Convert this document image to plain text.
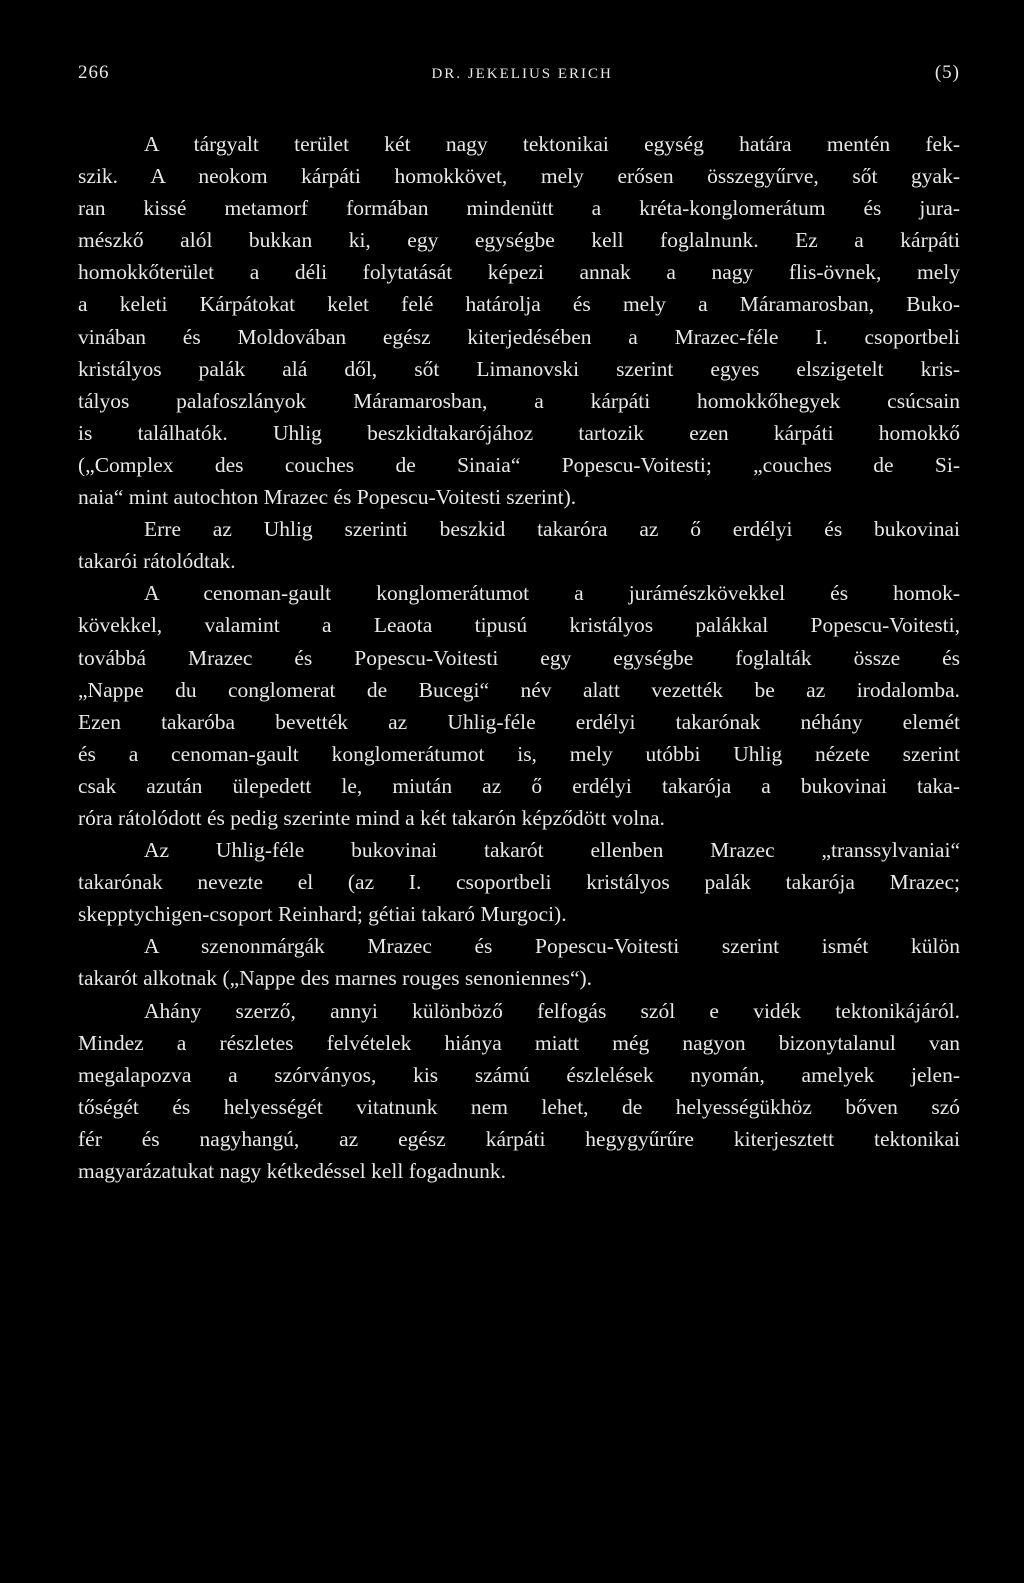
266	DR. JEKELIUS ERICH	(5)
A tárgyalt terület két nagy tektonikai egység határa mentén fek-
szik. A neokom kárpáti homokkövet, mely erősen összegyűrve, sőt gyak-
ran kissé metamorf formában mindenütt a kréta-konglomerátum és jura-
mészkő alól bukkan ki, egy egységbe kell foglalnunk. Ez a kárpáti
homokkőterület a déli folytatását képezi annak a nagy flis-övnek, mely
a keleti Kárpátokat kelet felé határolja és mely a Máramarosban, Buko-
vinában és Moldovában egész kiterjedésében a Mrazec-féle I. csoportbeli
kristályos palák alá dől, sőt Limanovski szerint egyes elszigetelt kris-
tályos palafoszlányok Máramarosban, a kárpáti homokkőhegyek csúcsain
is találhatók. Uhlig beszkidtakarójához tartozik ezen kárpáti homokkő
(„Complex des couches de Sinaia“ Popescu-Voitesti; „couches de Si-
naia“ mint autochton Mrazec és Popescu-Voitesti szerint).
Erre az Uhlig szerinti beszkid takaróra az ő erdélyi és bukovinai
takarói rátolódtak.
A cenoman-gault konglomerátumot a jurámészkövekkel és homok-
kövekkel, valamint a Leaota tipusú kristályos palákkal Popescu-Voitesti,
továbbá Mrazec és Popescu-Voitesti egy egységbe foglalták össze és
„Nappe du conglomerat de Bucegi“ név alatt vezették be az irodalomba.
Ezen takaróba bevették az Uhlig-féle erdélyi takarónak néhány elemét
és a cenoman-gault konglomerátumot is, mely utóbbi Uhlig nézete szerint
csak azután ülepedett le, miután az ő erdélyi takarója a bukovinai taka-
róra rátolódott és pedig szerinte mind a két takarón képződött volna.
Az Uhlig-féle bukovinai takarót ellenben Mrazec „transsylvaniai“
takarónak nevezte el (az I. csoportbeli kristályos palák takarója Mrazec;
skepptychigen-csoport Reinhard; gétiai takaró Murgoci).
A szenonmárgák Mrazec és Popescu-Voitesti szerint ismét külön
takarót alkotnak („Nappe des marnes rouges senoniennes“).
Ahány szerző, annyi különböző felfogás szól e vidék tektonikájáról.
Mindez a részletes felvételek hiánya miatt még nagyon bizonytalanul van
megalapozva a szórványos, kis számú észlelések nyomán, amelyek jelen-
tőségét és helyességét vitatnunk nem lehet, de helyességükhöz bőven szó
fér és nagyhangú, az egész kárpáti hegygyűrűre kiterjesztett tektonikai
magyarázatukat nagy kétkedéssel kell fogadnunk.
